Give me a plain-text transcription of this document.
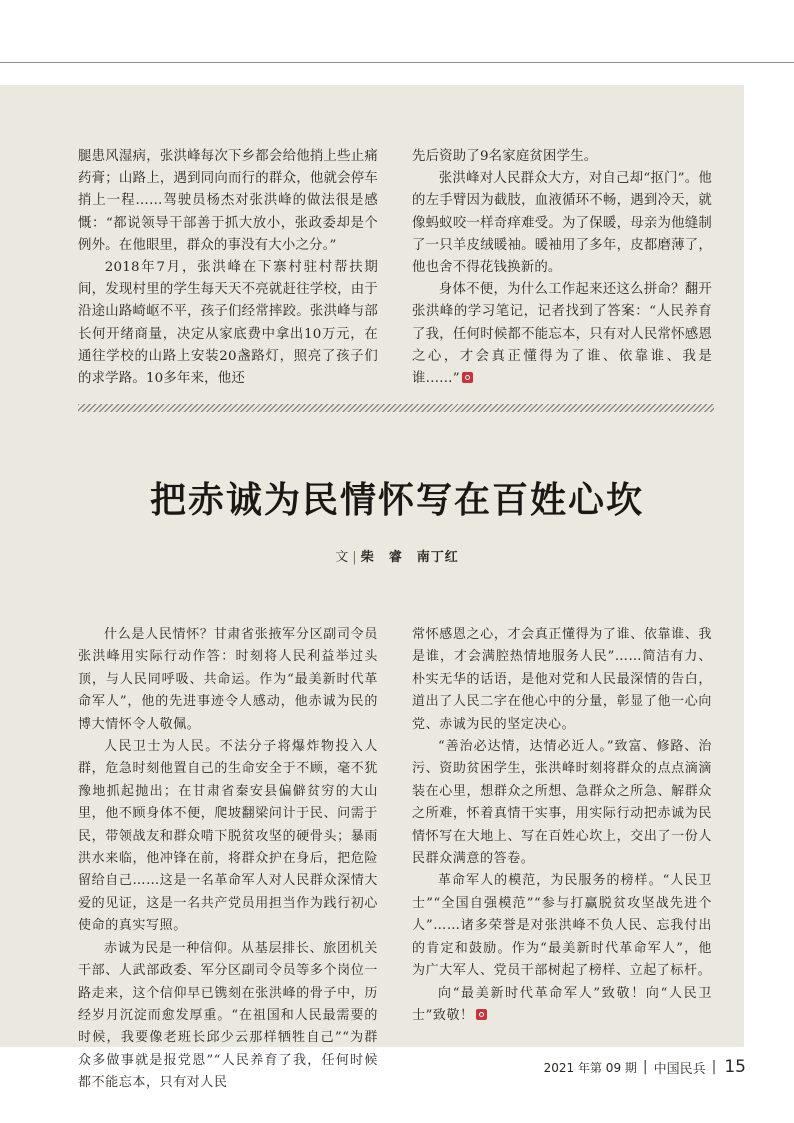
腿患风湿病，张洪峰每次下乡都会给他捎上些止痛药膏；山路上，遇到同向而行的群众，他就会停车捎上一程……驾驶员杨杰对张洪峰的做法很是感慨：“都说领导干部善于抓大放小，张政委却是个例外。在他眼里，群众的事没有大小之分。”

2018年7月，张洪峰在下寨村驻村帮扶期间，发现村里的学生每天天不亮就赶往学校，由于沿途山路崎岖不平，孩子们经常摔跤。张洪峰与部长何开绪商量，决定从家底费中拿出10万元，在通往学校的山路上安装20盏路灯，照亮了孩子们的求学路。10多年来，他还

先后资助了9名家庭贫困学生。

张洪峰对人民群众大方，对自己却“抠门”。他的左手臂因为截肢，血液循环不畅，遇到冷天，就像蚂蚁咬一样奇痒难受。为了保暖，母亲为他缝制了一只羊皮绒暖袖。暖袖用了多年，皮都磨薄了，他也舍不得花钱换新的。

身体不便，为什么工作起来还这么拼命？翻开张洪峰的学习笔记，记者找到了答案：“人民养育了我，任何时候都不能忘本，只有对人民常怀感恩之心，才会真正懂得为了谁、依靠谁、我是谁……”

把赤诚为民情怀写在百姓心坎
文 | 柴　睿 南丁红

什么是人民情怀？甘肃省张掖军分区副司令员张洪峰用实际行动作答：时刻将人民利益举过头顶，与人民同呼吸、共命运。作为“最美新时代革命军人”，他的先进事迹令人感动，他赤诚为民的博大情怀令人敬佩。

人民卫士为人民。不法分子将爆炸物投入人群，危急时刻他置自己的生命安全于不顾，毫不犹豫地抓起抛出；在甘肃省秦安县偏僻贫穷的大山里，他不顾身体不便，爬坡翻梁问计于民、问需于民，带领战友和群众啃下脱贫攻坚的硬骨头；暴雨洪水来临，他冲锋在前，将群众护在身后，把危险留给自己……这是一名革命军人对人民群众深情大爱的见证，这是一名共产党员用担当作为践行初心使命的真实写照。

赤诚为民是一种信仰。从基层排长、旅团机关干部、人武部政委、军分区副司令员等多个岗位一路走来，这个信仰早已镌刻在张洪峰的骨子中，历经岁月沉淀而愈发厚重。“在祖国和人民最需要的时候，我要像老班长邱少云那样牺牲自己”“为群众多做事就是报党恩”“人民养育了我，任何时候都不能忘本，只有对人民

常怀感恩之心，才会真正懂得为了谁、依靠谁、我是谁，才会满腔热情地服务人民”……简洁有力、朴实无华的话语，是他对党和人民最深情的告白，道出了人民二字在他心中的分量，彰显了他一心向党、赤诚为民的坚定决心。

“善治必达情，达情必近人。”致富、修路、治污、资助贫困学生，张洪峰时刻将群众的点点滴滴装在心里，想群众之所想、急群众之所急、解群众之所难，怀着真情干实事，用实际行动把赤诚为民情怀写在大地上、写在百姓心坎上，交出了一份人民群众满意的答卷。

革命军人的模范，为民服务的榜样。“人民卫士”“全国自强模范”“参与打赢脱贫攻坚战先进个人”……诸多荣誉是对张洪峰不负人民、忘我付出的肯定和鼓励。作为“最美新时代革命军人”，他为广大军人、党员干部树起了榜样、立起了标杆。

向“最美新时代革命军人”致敬！向“人民卫士”致敬！

2021 年第 09 期 | 中国民兵 | 15
